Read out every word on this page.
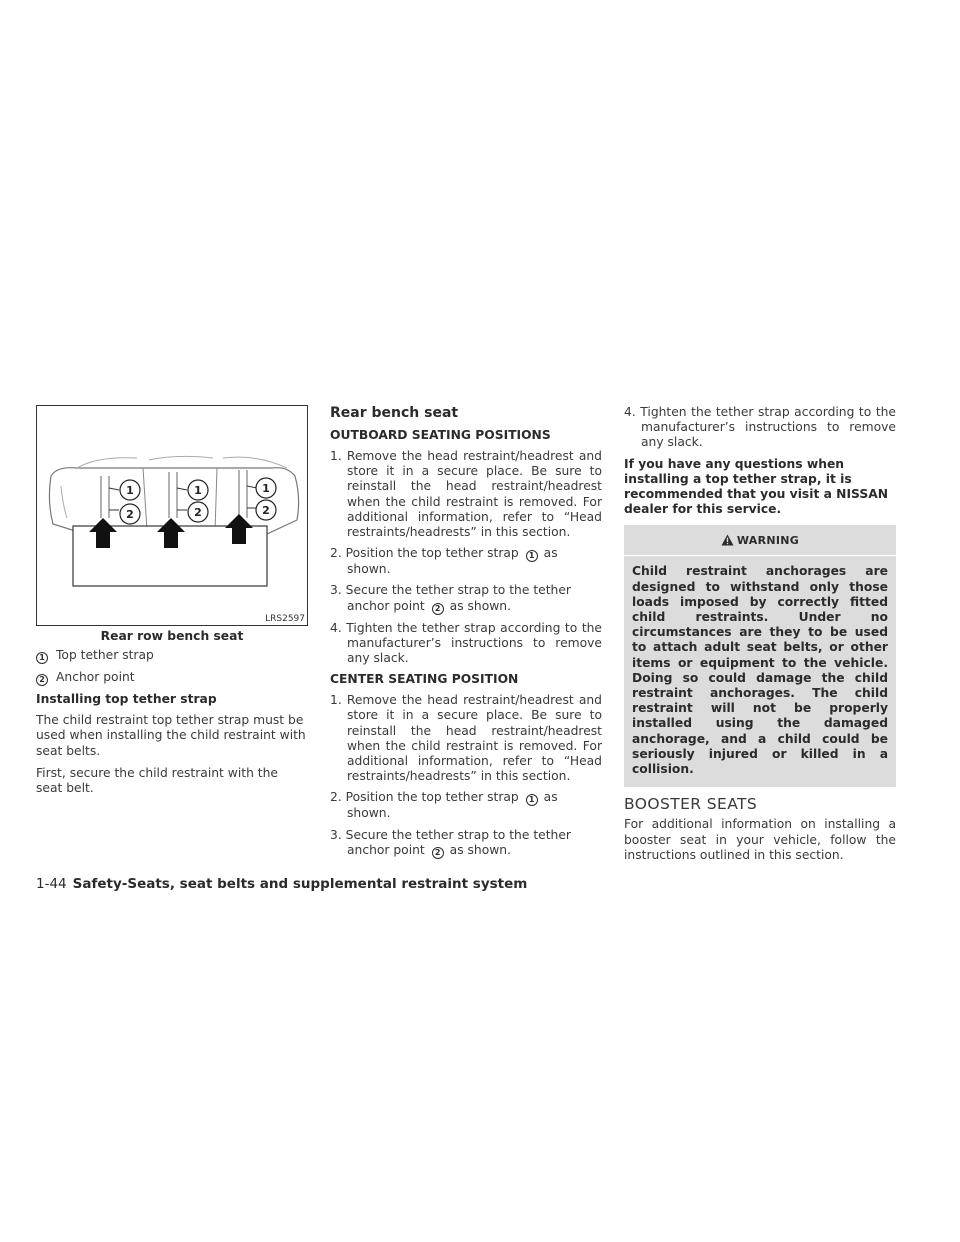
1
2
1
2
1
2
LRS2597

Rear row bench seat

1 Top tether strap

2 Anchor point

Installing top tether strap

The child restraint top tether strap must be used when installing the child restraint with seat belts.

First, secure the child restraint with the seat belt.

Rear bench seat

OUTBOARD SEATING POSITIONS

1. Remove the head restraint/headrest and store it in a secure place. Be sure to reinstall the head restraint/headrest when the child restraint is removed. For additional information, refer to “Head restraints/headrests” in this section.

2. Position the top tether strap 1 as shown.

3. Secure the tether strap to the tether anchor point 2 as shown.

4. Tighten the tether strap according to the manufacturer’s instructions to remove any slack.

CENTER SEATING POSITION

1. Remove the head restraint/headrest and store it in a secure place. Be sure to reinstall the head restraint/headrest when the child restraint is removed. For additional information, refer to “Head restraints/headrests” in this section.

2. Position the top tether strap 1 as shown.

3. Secure the tether strap to the tether anchor point 2 as shown.

4. Tighten the tether strap according to the manufacturer’s instructions to remove any slack.

If you have any questions when installing a top tether strap, it is recommended that you visit a NISSAN dealer for this service.

WARNING

Child restraint anchorages are designed to withstand only those loads imposed by correctly fitted child restraints. Under no circumstances are they to be used to attach adult seat belts, or other items or equipment to the vehicle. Doing so could damage the child restraint anchorages. The child restraint will not be properly installed using the damaged anchorage, and a child could be seriously injured or killed in a collision.

BOOSTER SEATS

For additional information on installing a booster seat in your vehicle, follow the instructions outlined in this section.

1-44 Safety-Seats, seat belts and supplemental restraint system
